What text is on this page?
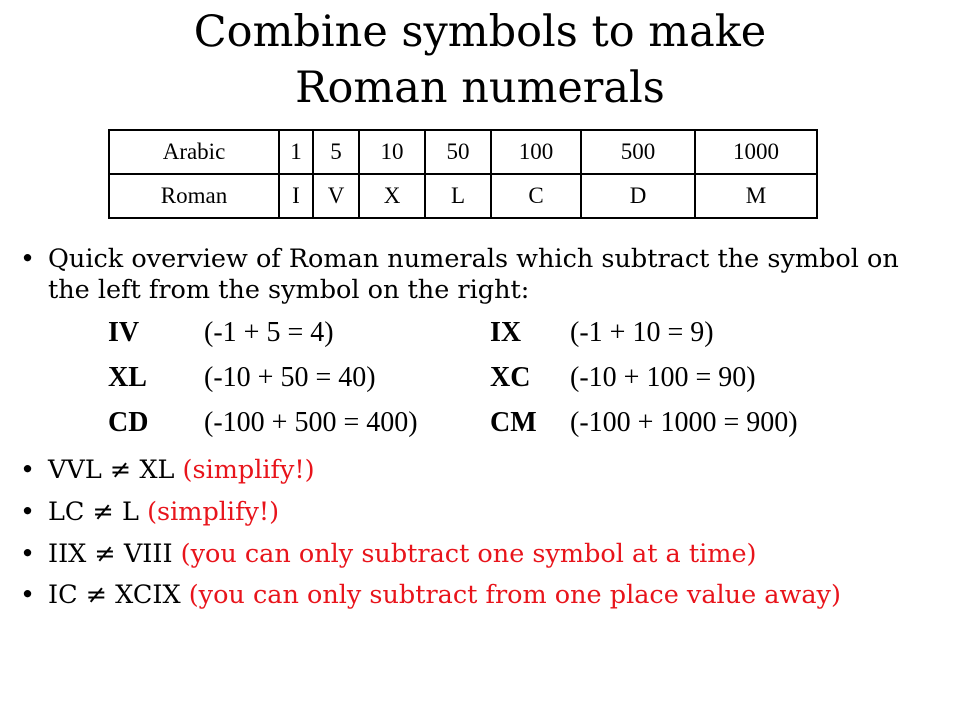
Combine symbols to make
Roman numerals
Arabic	1	5	10	50	100	500	1000
Roman	I	V	X	L	C	D	M
• Quick overview of Roman numerals which subtract the symbol on the left from the symbol on the right:
IV	(-1 + 5 = 4)	IX	(-1 + 10 = 9)
XL	(-10 + 50 = 40)	XC	(-10 + 100 = 90)
CD	(-100 + 500 = 400)	CM	(-100 + 1000 = 900)
• VVL ≠ XL (simplify!)
• LC ≠ L (simplify!)
• IIX ≠ VIII (you can only subtract one symbol at a time)
• IC ≠ XCIX (you can only subtract from one place value away)
